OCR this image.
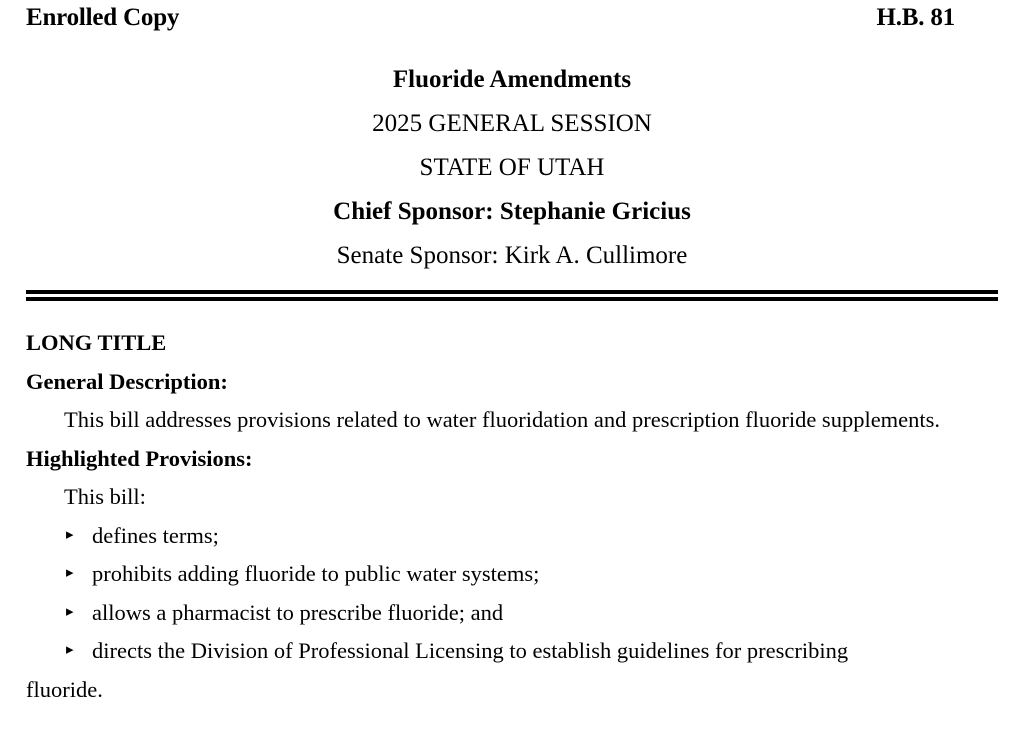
Enrolled Copy	H.B. 81
Fluoride Amendments
2025 GENERAL SESSION
STATE OF UTAH
Chief Sponsor: Stephanie Gricius
Senate Sponsor: Kirk A. Cullimore
LONG TITLE
General Description:
This bill addresses provisions related to water fluoridation and prescription fluoride supplements.
Highlighted Provisions:
This bill:
▸ defines terms;
▸ prohibits adding fluoride to public water systems;
▸ allows a pharmacist to prescribe fluoride; and
▸ directs the Division of Professional Licensing to establish guidelines for prescribing
fluoride.
